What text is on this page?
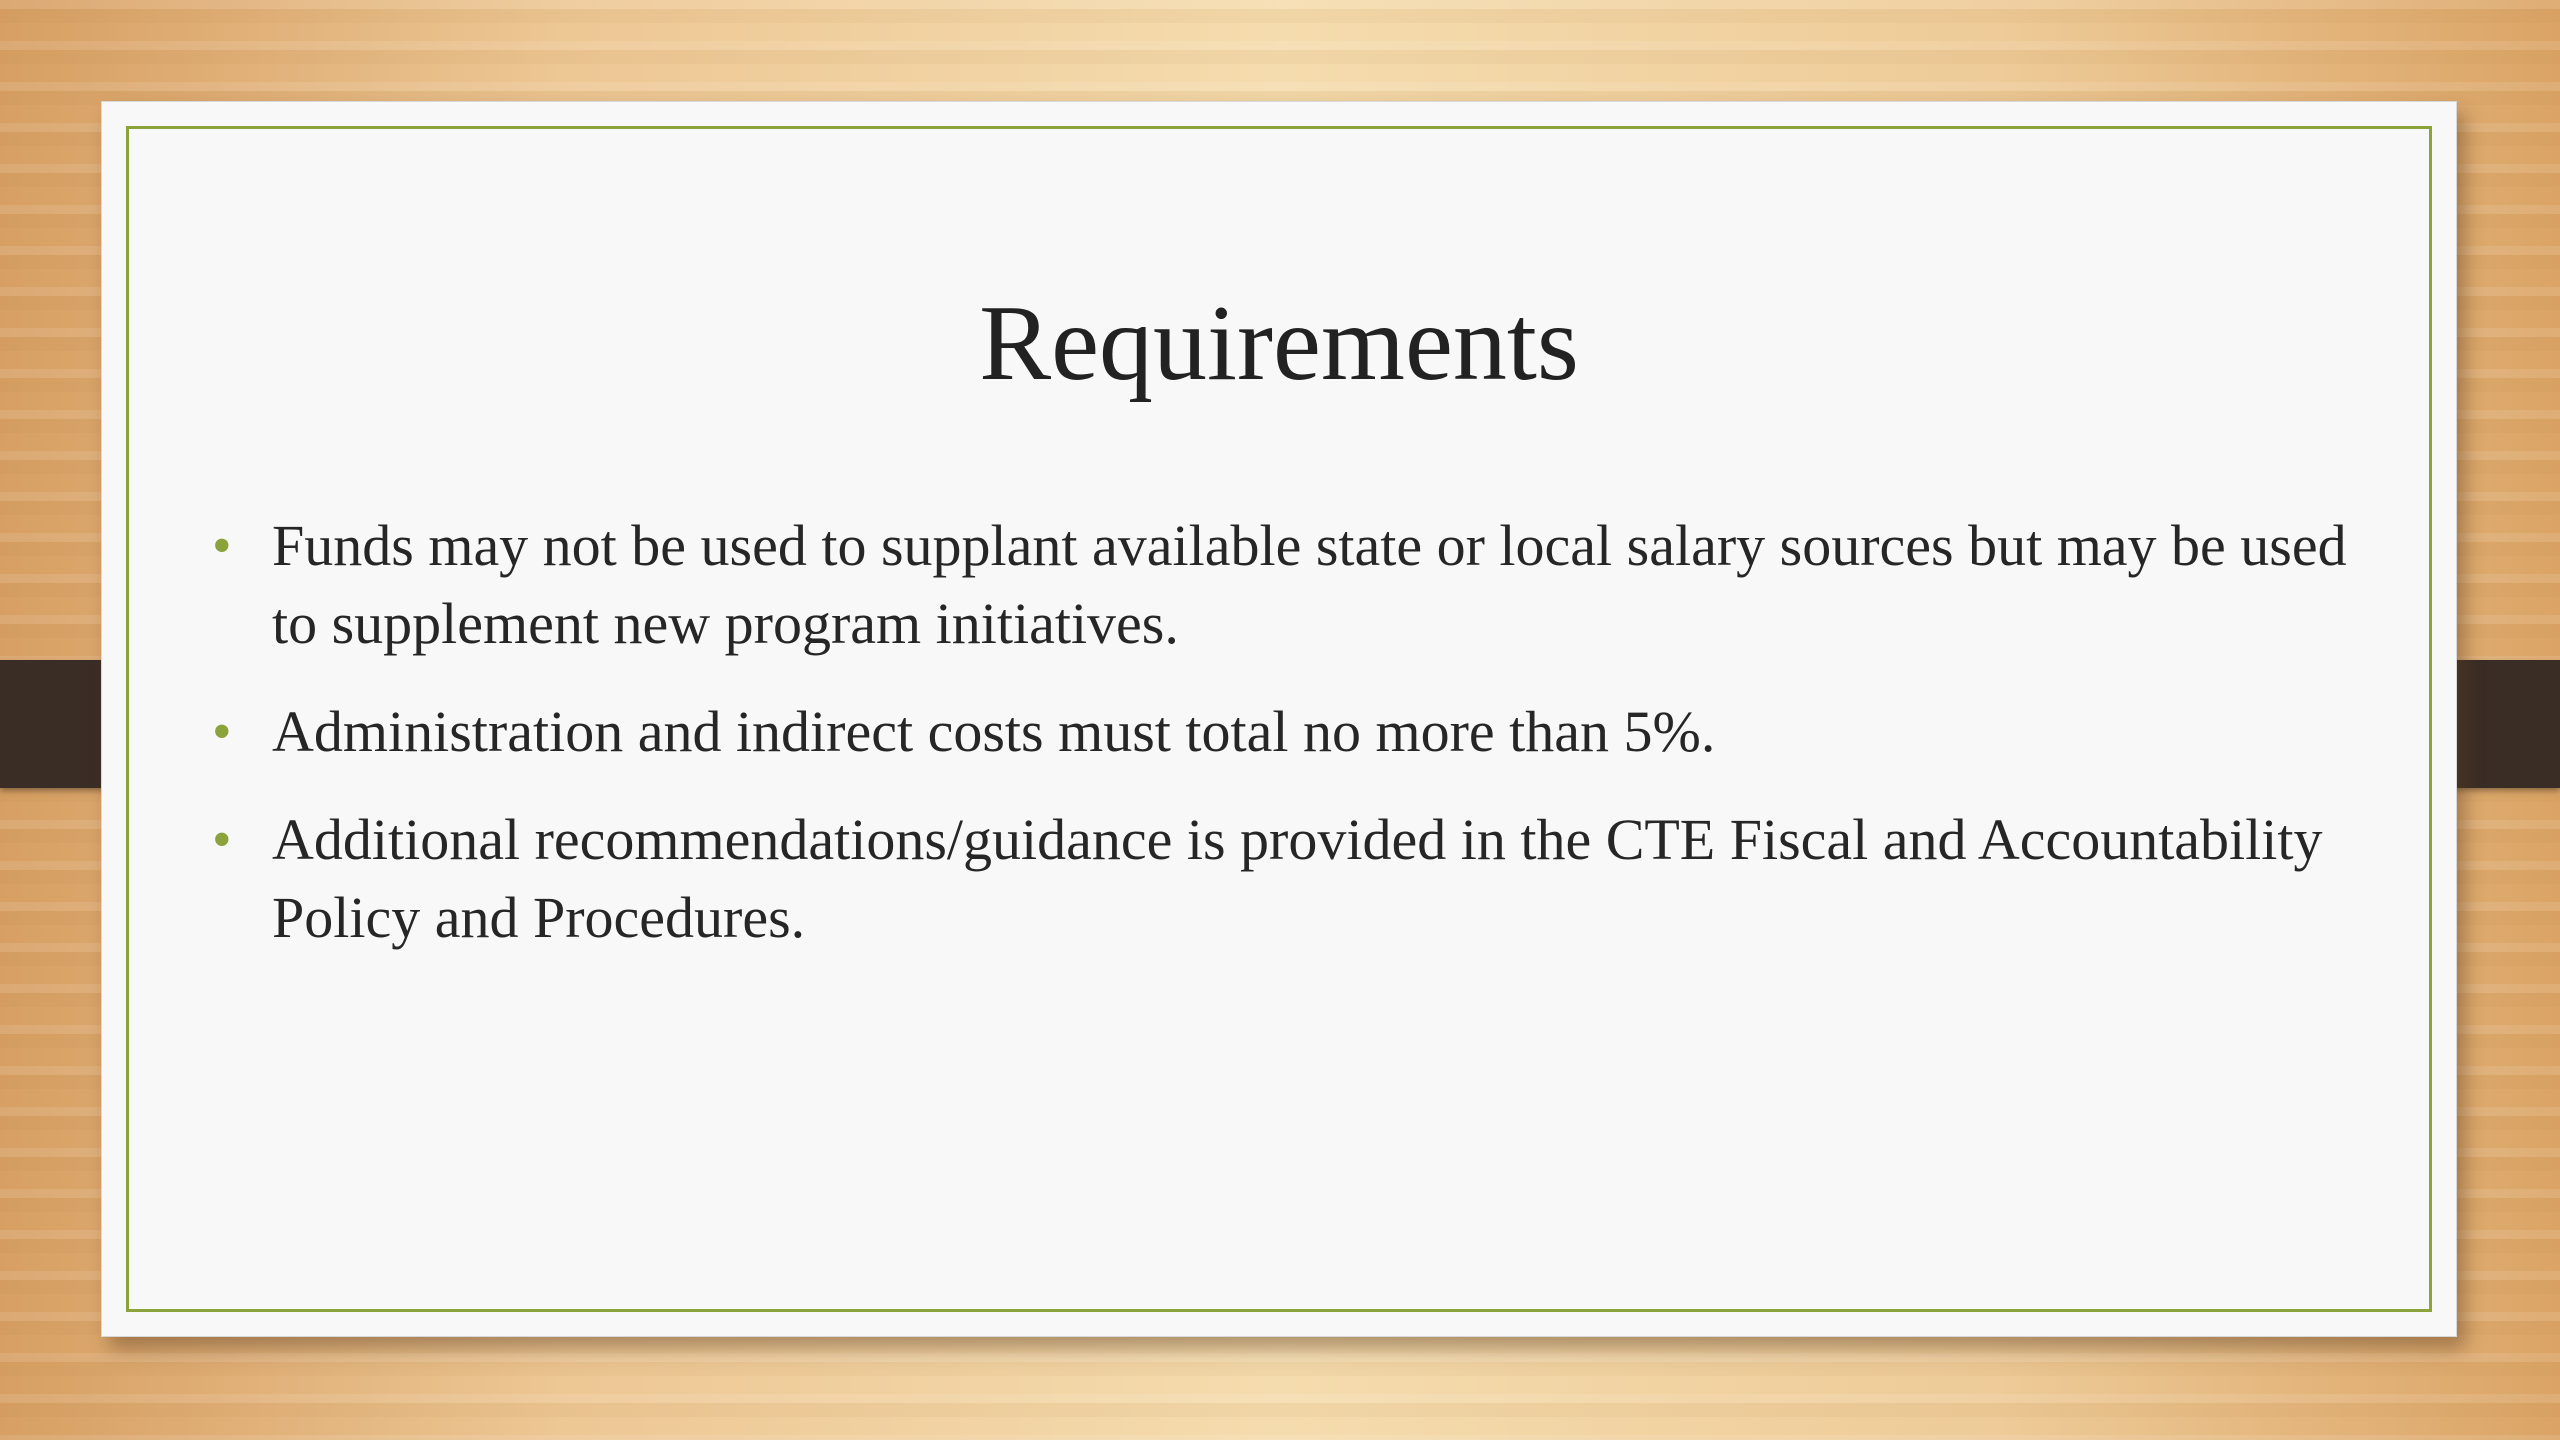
Requirements
• Funds may not be used to supplant available state or local salary sources but may be used to supplement new program initiatives.
• Administration and indirect costs must total no more than 5%.
• Additional recommendations/guidance is provided in the CTE Fiscal and Accountability Policy and Procedures.
